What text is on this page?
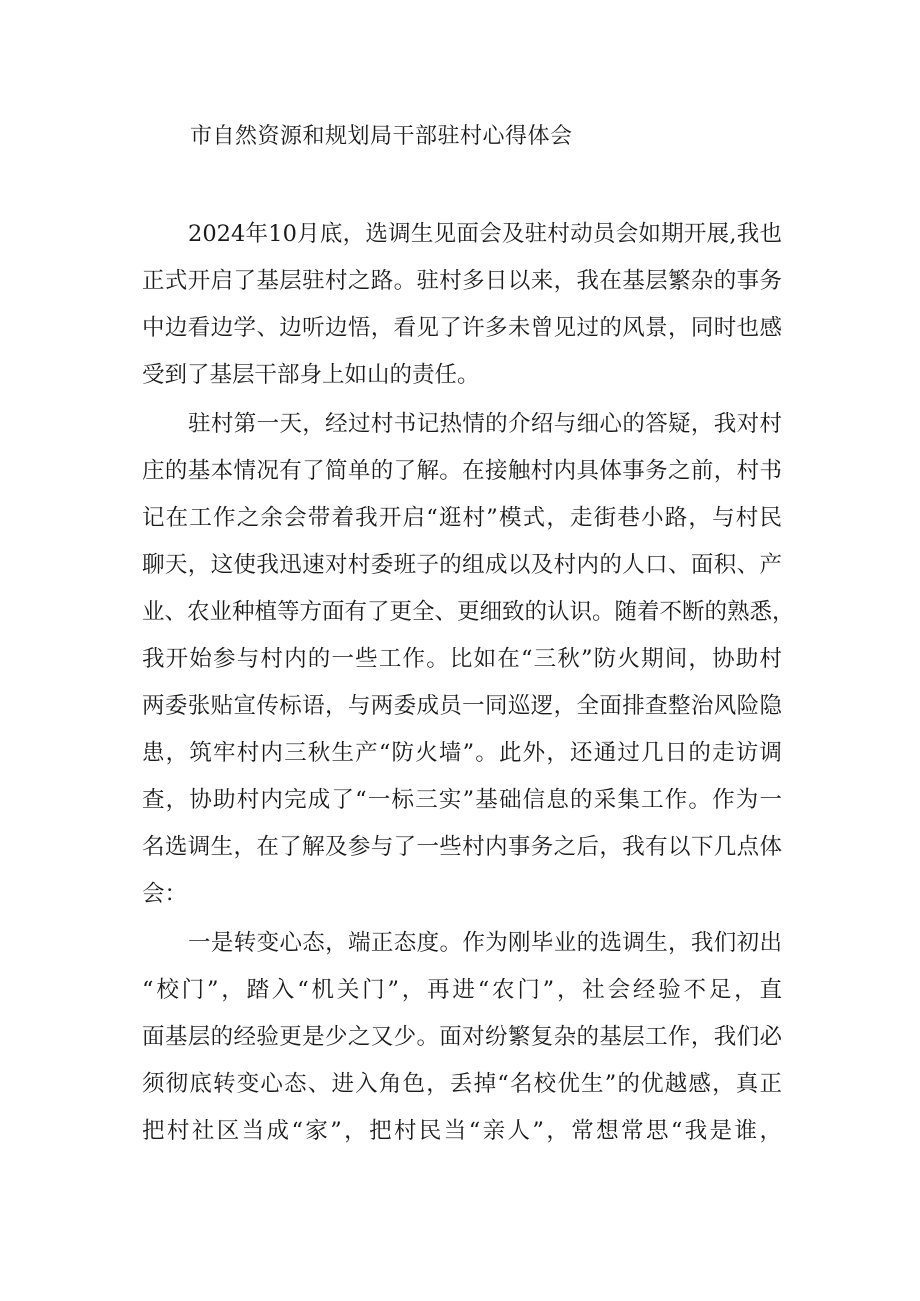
市自然资源和规划局干部驻村心得体会
2024年10月底，选调生见面会及驻村动员会如期开展,我也
正式开启了基层驻村之路。驻村多日以来，我在基层繁杂的事务
中边看边学、边听边悟，看见了许多未曾见过的风景，同时也感
受到了基层干部身上如山的责任。
驻村第一天，经过村书记热情的介绍与细心的答疑，我对村
庄的基本情况有了简单的了解。在接触村内具体事务之前，村书
记在工作之余会带着我开启“逛村”模式，走街巷小路，与村民
聊天，这使我迅速对村委班子的组成以及村内的人口、面积、产
业、农业种植等方面有了更全、更细致的认识。随着不断的熟悉，
我开始参与村内的一些工作。比如在“三秋”防火期间，协助村
两委张贴宣传标语，与两委成员一同巡逻，全面排查整治风险隐
患，筑牢村内三秋生产“防火墙”。此外，还通过几日的走访调
查，协助村内完成了“一标三实”基础信息的采集工作。作为一
名选调生，在了解及参与了一些村内事务之后，我有以下几点体
会：
一是转变心态，端正态度。作为刚毕业的选调生，我们初出
“校门”，踏入“机关门”，再进“农门”，社会经验不足，直
面基层的经验更是少之又少。面对纷繁复杂的基层工作，我们必
须彻底转变心态、进入角色，丢掉“名校优生”的优越感，真正
把村社区当成“家”，把村民当“亲人”，常想常思“我是谁，
